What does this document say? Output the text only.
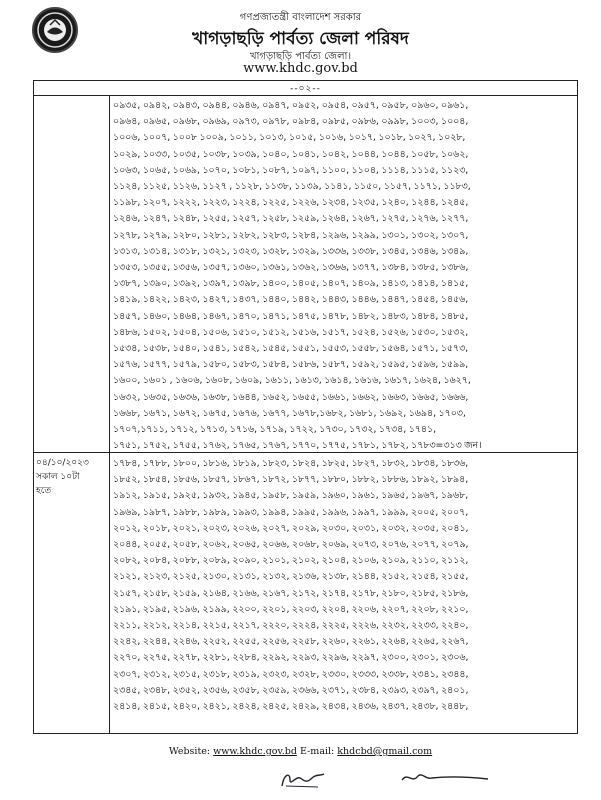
গণপ্রজাতন্ত্রী বাংলাদেশ সরকার
খাগড়াছড়ি পার্বত্য জেলা পরিষদ
খাগড়াছড়ি পার্বত্য জেলা।
www.khdc.gov.bd
--০২--
০৯৩৫, ০৯৪২, ০৯৪৩, ০৯৪৪, ০৯৪৬, ০৯৪৭, ০৯৫২, ০৯৫৪, ০৯৫৭, ০৯৫৮, ০৯৬০, ০৯৬১,
০৯৬৪, ০৯৬৫, ০৯৬৮, ০৯৬৯, ০৯৭৩, ০৯৭৮, ০৯৮৪, ০৯৮৫, ০৯৮৬, ০৯৯৮, ১০০৩, ১০০৪,
১০০৬, ১০০৭, ১০০৮ ১০০৯, ১০১১, ১০১৩, ১০১৫, ১০১৬, ১০১৭, ১০১৮, ১০২৭, ১০২৮,
১০২৯, ১০৩৩, ১০৩৫, ১০৩৮, ১০৩৯, ১০৪০, ১০৪১, ১০৪২, ১০৪৪, ১০৪৪, ১০৫৮, ১০৬২,
১০৬৩, ১০৬৫, ১০৬৯, ১০৭০, ১০৮১, ১০৮৭, ১০৯৭, ১১০০, ১১০৪, ১১১৪, ১১১৫, ১১২৩,
১১২৪, ১১২৫, ১১২৬, ১১২৭ , ১১২৮, ১১৩৮, ১১৩৯, ১১৪১, ১১৫০, ১১৫৭, ১১৭১, ১১৮৩,
১১৯৮, ১২০৭, ১২২২, ১২২৩, ১২২৪, ১২২৫, ১২২৬, ১২৩৪, ১২৩৫, ১২৪০, ১২৪৪, ১২৪৫,
১২৪৬, ১২৪৭, ১২৪৮, ১২৫৫, ১২৫৭, ১২৫৮, ১২৫৯, ১২৬৪, ১২৬৭, ১২৭৫, ১২৭৬, ১২৭৭,
১২৭৮, ১২৭৯, ১২৮০, ১২৮১, ১২৮২, ১২৮৩, ১২৮৪, ১২৯৬, ১২৯৯, ১৩০১, ১৩০২, ১৩০৭,
১৩১৩, ১৩১৪, ১৩১৮, ১৩২১, ১৩২৩, ১৩২৮, ১৩২৯, ১৩৩৬, ১৩৩৮, ১৩৪৫, ১৩৪৬, ১৩৪৯,
১৩৫৩, ১৩৫৫, ১৩৫৬, ১৩৫৭, ১৩৬০, ১৩৬১, ১৩৬২, ১৩৬৬, ১৩৭৭, ১৩৮৪, ১৩৮৫, ১৩৮৬,
১৩৮৭, ১৩৯০, ১৩৯২, ১৩৯৭, ১৩৯৮, ১৪০০, ১৪০৫, ১৪০৭, ১৪০৯, ১৪১৩, ১৪১৪, ১৪১৫,
১৪১৯, ১৪২২, ১৪২৩, ১৪২৭, ১৪৩৭, ১৪৪০, ১৪৪২, ১৪৪৩, ১৪৪৬, ১৪৪৭, ১৪৫৪, ১৪৫৬,
১৪৫৭, ১৪৬০, ১৪৬৪, ১৪৬৭, ১৪৭০, ১৪৭১, ১৪৭৫, ১৪৭৮, ১৪৮২, ১৪৮৩, ১৪৮৪, ১৪৮৫,
১৪৮৬, ১৫০২, ১৫০৪, ১৫০৬, ১৫১০, ১৫১২, ১৫১৬, ১৫১৭, ১৫২৪, ১৫২৬, ১৫৩০, ১৫৩২,
১৫৩৪, ১৫৩৮, ১৫৪০, ১৫৪১, ১৫৪২, ১৫৪৫, ১৫৫১, ১৫৫৩, ১৫৫৮, ১৫৬৪, ১৫৭১, ১৫৭৩,
১৫৭৬, ১৫৭৭, ১৫৭৯, ১৫৮০, ১৫৮৩, ১৫৮৪, ১৫৮৬, ১৫৮৭, ১৫৯২, ১৫৯৫, ১৫৯৬, ১৫৯৯,
১৬০০, ১৬০১ , ১৬০৬, ১৬০৮, ১৬০৯, ১৬১১, ১৬১৩, ১৬১৪, ১৬১৬, ১৬১৭, ১৬২৪, ১৬২৭,
১৬৩২, ১৬৩৫, ১৬৩৬, ১৬৩৮, ১৬৪৪, ১৬৫২, ১৬৫৫, ১৬৬১, ১৬৬২, ১৬৬৩, ১৬৬৫, ১৬৬৬,
১৬৬৮, ১৬৭১, ১৬৭২, ১৬৭৫, ১৬৭৬, ১৬৭৭, ১৬৭৮,১৬৮২, ১৬৮১, ১৬৯২, ১৬৯৪, ১৭০৩,
১৭০৭,১৭১১, ১৭১২, ১৭১৩, ১৭১৬, ১৭১৯, ১৭২২, ১৭৩০, ১৭৩২, ১৭৩৪, ১৭৪১,
১৭৫১, ১৭৫২, ১৭৫৫, ১৭৬২, ১৭৬৫, ১৭৬৭, ১৭৭০, ১৭৭৫, ১৭৮১, ১৭৮২, ১৭৮৩=৩১৩ জন।
০৪/১০/২০২৩
সকাল ১০টা
হতে
১৭৮৪, ১৭৮৮, ১৮০০, ১৮১৬, ১৮১৯, ১৮২৩, ১৮২৪, ১৮২৫, ১৮২৭, ১৮৩২, ১৮৩৪, ১৮৩৬,
১৮৫২, ১৮৫৪, ১৮৫৬, ১৮৫৭, ১৮৬৭, ১৮৭২, ১৮৭৭, ১৮৮০, ১৮৮২, ১৮৮৬, ১৮৯২, ১৮৯৪,
১৯১২, ১৯১৫, ১৯২৫, ১৯৩২, ১৯৪৫, ১৯৫৮, ১৯৫৯, ১৯৬০, ১৯৬১, ১৯৬৫, ১৯৬৭, ১৯৬৮,
১৯৬৯, ১৯৮৭, ১৯৮৮, ১৯৮৯, ১৯৯৩, ১৯৯৪, ১৯৯৫, ১৯৯৬, ১৯৯৭, ১৯৯৯, ২০০৫, ২০০৭,
২০১২, ২০১৮, ২০২১, ২০২৩, ২০২৬, ২০২৭, ২০২৯, ২০৩০, ২০৩১, ২০৩২, ২০৩৫, ২০৪১,
২০৪৪, ২০৫৫, ২০৫৮, ২০৬২, ২০৬৫, ২০৬৬, ২০৬৮, ২০৬৯, ২০৭৩, ২০৭৬, ২০৭৭, ২০৭৯,
২০৮২, ২০৮৪, ২০৮৮, ২০৮৯, ২০৯০, ২১০১, ২১০২, ২১০৪, ২১০৬, ২১০৯, ২১১০, ২১১২,
২১২১, ২১২৩, ২১২৫, ২১৩০, ২১৩১, ২১৩২, ২১৩৬, ২১৩৮, ২১৪৪, ২১৫২, ২১৫৪, ২১৫৫,
২১৫৭, ২১৫৮, ২১৫৯, ২১৬৪, ২১৬৬, ২১৬৭, ২১৭২, ২১৭৪, ২১৭৮, ২১৮০, ২১৮৫, ২১৮৬,
২১৯১, ২১৯৫, ২১৯৬, ২১৯৯, ২২০০, ২২০১, ২২০৩, ২২০৪, ২২০৬, ২২০৭, ২২০৮, ২২১০,
২২১১, ২২১২, ২২১৪, ২২১৫, ২২১৭, ২২২০, ২২২৪, ২২২৫, ২২২৬, ২২৩২, ২২৩৩, ২২৪০,
২২৪২, ২২৪৪, ২২৪৬, ২২৫২, ২২৫৫, ২২৫৬, ২২৫৮, ২২৬০, ২২৬১, ২২৬৪, ২২৬৫, ২২৬৭,
২২৭০, ২২৭৫, ২২৭৮, ২২৮১, ২২৮৪, ২২৯২, ২২৯৩, ২২৯৬, ২২৯৭, ২৩০০, ২৩০১, ২৩০৬,
২৩০৭, ২৩১২, ২৩১৫, ২৩১৮, ২৩১৯, ২৩২৩, ২৩২৮, ২৩৩০, ২৩৩৩, ২৩৩৮, ২৩৪১, ২৩৪৪,
২৩৪৫, ২৩৪৮, ২৩৫২, ২৩৫৬, ২৩৫৮, ২৩৫৯, ২৩৬৬, ২৩৭১, ২৩৮৪, ২৩৯৩, ২৩৯৭, ২৪০১,
২৪১৪, ২৪১৫, ২৪২০, ২৪২১, ২৪২৪, ২৪২৫, ২৪২৯, ২৪৩৪, ২৪৩৬, ২৪৩৭, ২৪৩৮, ২৪৪৮,
Website: www.khdc.gov.bd E-mail: khdcbd@gmail.com
